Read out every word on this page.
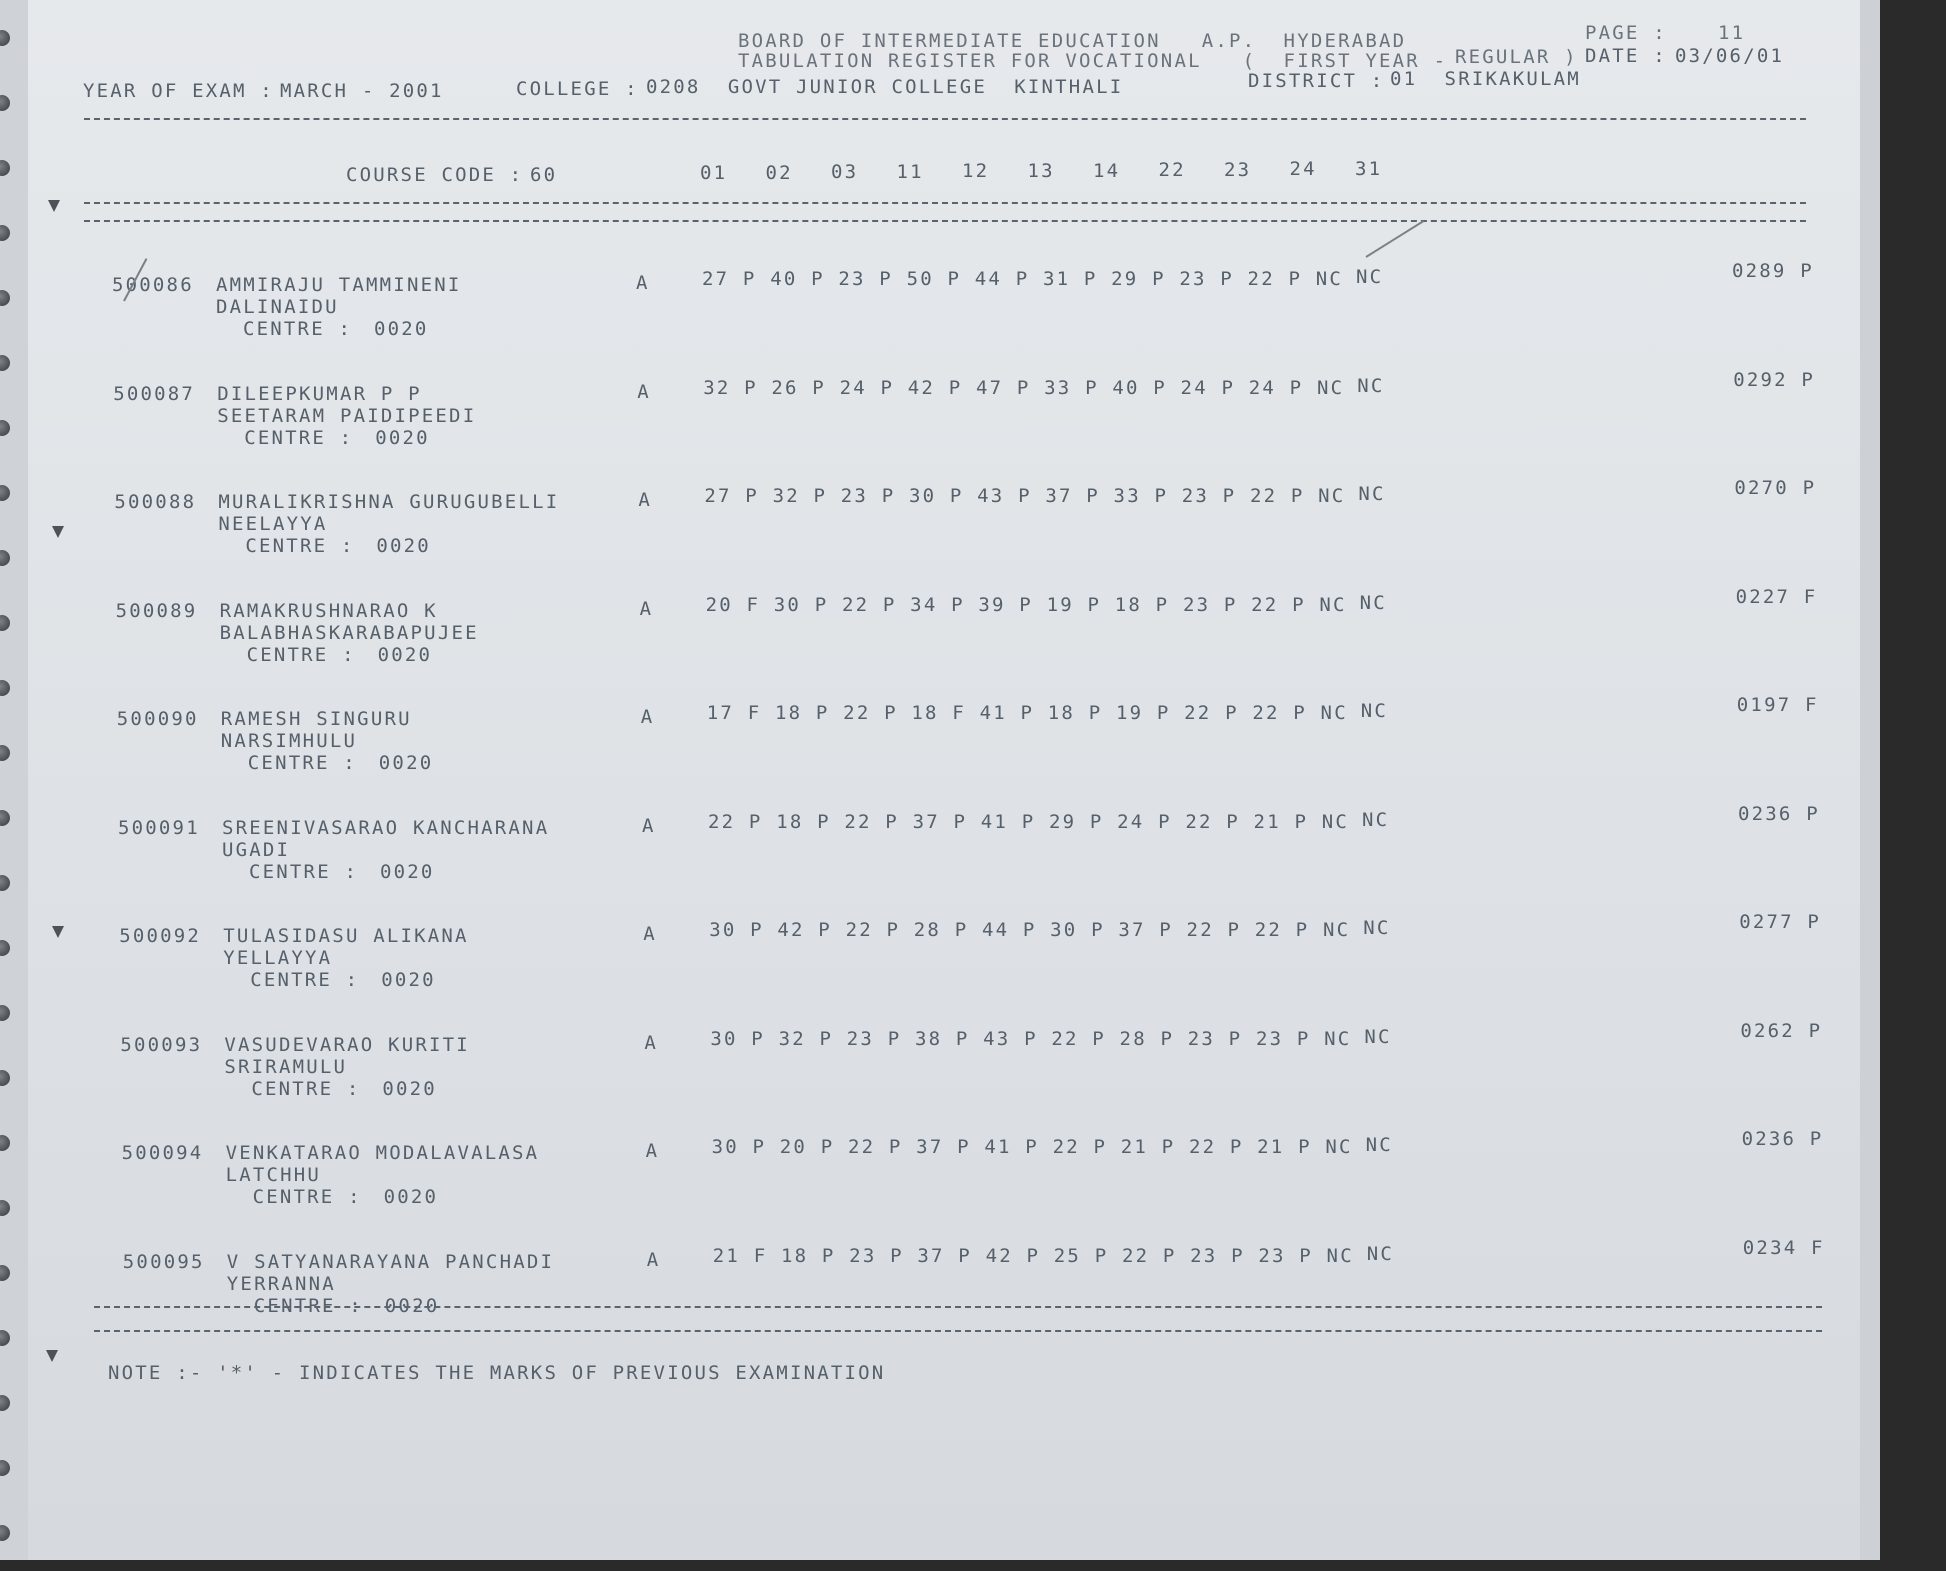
BOARD OF INTERMEDIATE EDUCATION   A.P.  HYDERABAD
TABULATION REGISTER FOR VOCATIONAL   (  FIRST YEAR - REGULAR )
PAGE :	11
DATE : 03/06/01
YEAR OF EXAM : MARCH - 2001	COLLEGE : 0208  GOVT JUNIOR COLLEGE  KINTHALI	DISTRICT : 01  SRIKAKULAM
COURSE CODE : 60	01 02 03 11 12 13 14 22 23 24 31
500086 AMMIRAJU TAMMINENI
DALINAIDU
CENTRE : 0020
A	27 P 40 P 23 P 50 P 44 P 31 P 29 P 23 P 22 P NC NC	0289 P
500087 DILEEPKUMAR P P
SEETARAM PAIDIPEEDI
CENTRE : 0020
A	32 P 26 P 24 P 42 P 47 P 33 P 40 P 24 P 24 P NC NC	0292 P
500088 MURALIKRISHNA GURUGUBELLI
NEELAYYA
CENTRE : 0020
A	27 P 32 P 23 P 30 P 43 P 37 P 33 P 23 P 22 P NC NC	0270 P
500089 RAMAKRUSHNARAO K
BALABHASKARABAPUJEE
CENTRE : 0020
A	20 F 30 P 22 P 34 P 39 P 19 P 18 P 23 P 22 P NC NC	0227 F
500090 RAMESH SINGURU
NARSIMHULU
CENTRE : 0020
A	17 F 18 P 22 P 18 F 41 P 18 P 19 P 22 P 22 P NC NC	0197 F
500091 SREENIVASARAO KANCHARANA
UGADI
CENTRE : 0020
A	22 P 18 P 22 P 37 P 41 P 29 P 24 P 22 P 21 P NC NC	0236 P
500092 TULASIDASU ALIKANA
YELLAYYA
CENTRE : 0020
A	30 P 42 P 22 P 28 P 44 P 30 P 37 P 22 P 22 P NC NC	0277 P
500093 VASUDEVARAO KURITI
SRIRAMULU
CENTRE : 0020
A	30 P 32 P 23 P 38 P 43 P 22 P 28 P 23 P 23 P NC NC	0262 P
500094 VENKATARAO MODALAVALASA
LATCHHU
CENTRE : 0020
A	30 P 20 P 22 P 37 P 41 P 22 P 21 P 22 P 21 P NC NC	0236 P
500095 V SATYANARAYANA PANCHADI
YERRANNA
CENTRE : 0020
A	21 F 18 P 23 P 37 P 42 P 25 P 22 P 23 P 23 P NC NC	0234 F
NOTE :- '*' - INDICATES THE MARKS OF PREVIOUS EXAMINATION
